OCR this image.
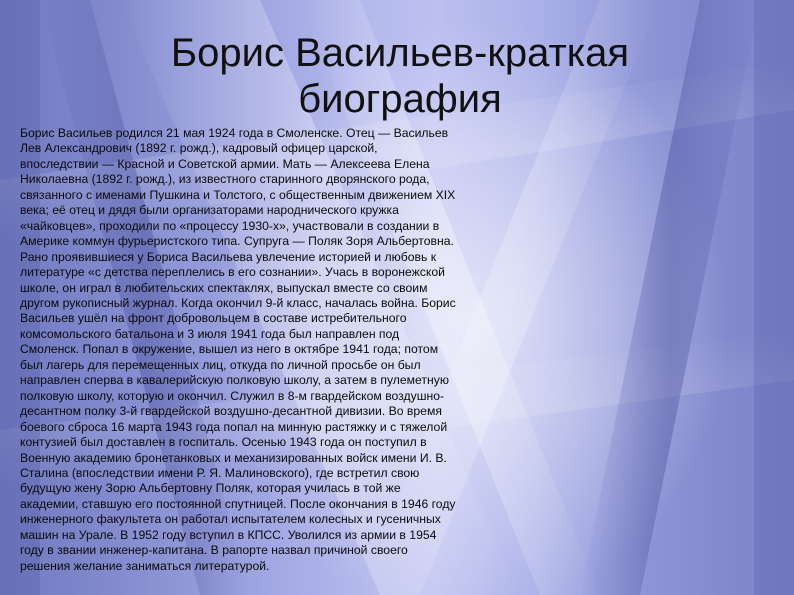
Борис Васильев-краткая
биография

Борис Васильев родился 21 мая 1924 года в Смоленске. Отец — Васильев
Лев Александрович (1892 г. рожд.), кадровый офицер царской,
впоследствии — Красной и Советской армии. Мать — Алексеева Елена
Николаевна (1892 г. рожд.), из известного старинного дворянского рода,
связанного с именами Пушкина и Толстого, с общественным движением XIX
века; её отец и дядя были организаторами народнического кружка
«чайковцев», проходили по «процессу 1930-х», участвовали в создании в
Америке коммун фурьеристского типа. Супруга — Поляк Зоря Альбертовна.
Рано проявившиеся у Бориса Васильева увлечение историей и любовь к
литературе «с детства переплелись в его сознании». Учась в воронежской
школе, он играл в любительских спектаклях, выпускал вместе со своим
другом рукописный журнал. Когда окончил 9-й класс, началась война. Борис
Васильев ушёл на фронт добровольцем в составе истребительного
комсомольского батальона и 3 июля 1941 года был направлен под
Смоленск. Попал в окружение, вышел из него в октябре 1941 года; потом
был лагерь для перемещенных лиц, откуда по личной просьбе он был
направлен сперва в кавалерийскую полковую школу, а затем в пулеметную
полковую школу, которую и окончил. Служил в 8-м гвардейском воздушно-
десантном полку 3-й гвардейской воздушно-десантной дивизии. Во время
боевого сброса 16 марта 1943 года попал на минную растяжку и с тяжелой
контузией был доставлен в госпиталь. Осенью 1943 года он поступил в
Военную академию бронетанковых и механизированных войск имени И. В.
Сталина (впоследствии имени Р. Я. Малиновского), где встретил свою
будущую жену Зорю Альбертовну Поляк, которая училась в той же
академии, ставшую его постоянной спутницей. После окончания в 1946 году
инженерного факультета он работал испытателем колесных и гусеничных
машин на Урале. В 1952 году вступил в КПСС. Уволился из армии в 1954
году в звании инженер-капитана. В рапорте назвал причиной своего
решения желание заниматься литературой.
